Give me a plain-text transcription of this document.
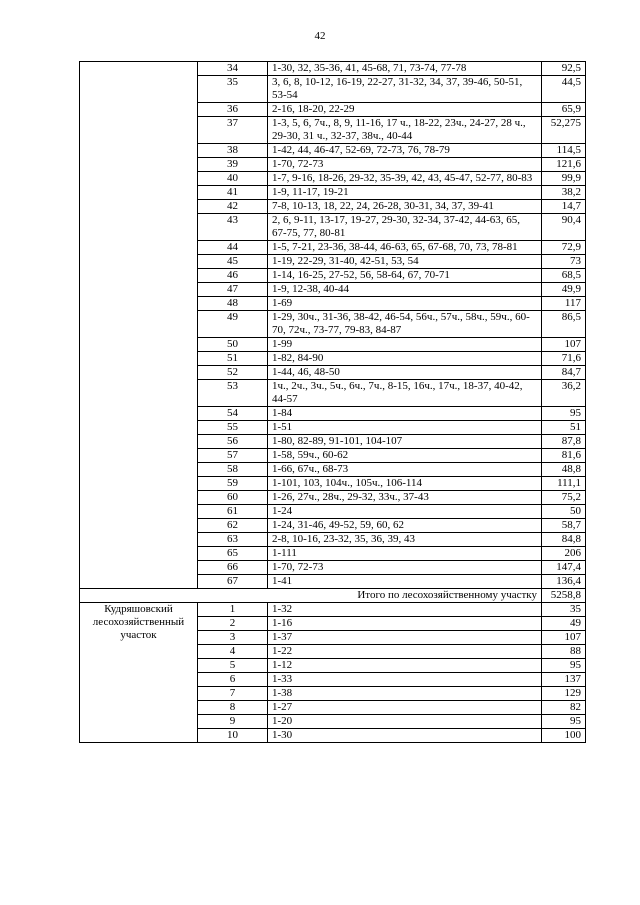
42
	34	1-30, 32, 35-36, 41, 45-68, 71, 73-74, 77-78	92,5
	35	3, 6, 8, 10-12, 16-19, 22-27, 31-32, 34, 37, 39-46, 50-51, 53-54	44,5
	36	2-16, 18-20, 22-29	65,9
	37	1-3, 5, 6, 7ч., 8, 9, 11-16, 17 ч., 18-22, 23ч., 24-27, 28 ч., 29-30, 31 ч., 32-37, 38ч., 40-44	52,275
	38	1-42, 44, 46-47, 52-69, 72-73, 76, 78-79	114,5
	39	1-70, 72-73	121,6
	40	1-7, 9-16, 18-26, 29-32, 35-39, 42, 43, 45-47, 52-77, 80-83	99,9
	41	1-9, 11-17, 19-21	38,2
	42	7-8, 10-13, 18, 22, 24, 26-28, 30-31, 34, 37, 39-41	14,7
	43	2, 6, 9-11, 13-17, 19-27, 29-30, 32-34, 37-42, 44-63, 65, 67-75, 77, 80-81	90,4
	44	1-5, 7-21, 23-36, 38-44, 46-63, 65, 67-68, 70, 73, 78-81	72,9
	45	1-19, 22-29, 31-40, 42-51, 53, 54	73
	46	1-14, 16-25, 27-52, 56, 58-64, 67, 70-71	68,5
	47	1-9, 12-38, 40-44	49,9
	48	1-69	117
	49	1-29, 30ч., 31-36, 38-42, 46-54, 56ч., 57ч., 58ч., 59ч., 60-70, 72ч., 73-77, 79-83, 84-87	86,5
	50	1-99	107
	51	1-82, 84-90	71,6
	52	1-44, 46, 48-50	84,7
	53	1ч., 2ч., 3ч., 5ч., 6ч., 7ч., 8-15, 16ч., 17ч., 18-37, 40-42, 44-57	36,2
	54	1-84	95
	55	1-51	51
	56	1-80, 82-89, 91-101, 104-107	87,8
	57	1-58, 59ч., 60-62	81,6
	58	1-66, 67ч., 68-73	48,8
	59	1-101, 103, 104ч., 105ч., 106-114	111,1
	60	1-26, 27ч., 28ч., 29-32, 33ч., 37-43	75,2
	61	1-24	50
	62	1-24, 31-46, 49-52, 59, 60, 62	58,7
	63	2-8, 10-16, 23-32, 35, 36, 39, 43	84,8
	65	1-111	206
	66	1-70, 72-73	147,4
	67	1-41	136,4
Итого по лесохозяйственному участку			5258,8
Кудряшовский лесохозяйственный участок	1	1-32	35
	2	1-16	49
	3	1-37	107
	4	1-22	88
	5	1-12	95
	6	1-33	137
	7	1-38	129
	8	1-27	82
	9	1-20	95
	10	1-30	100
